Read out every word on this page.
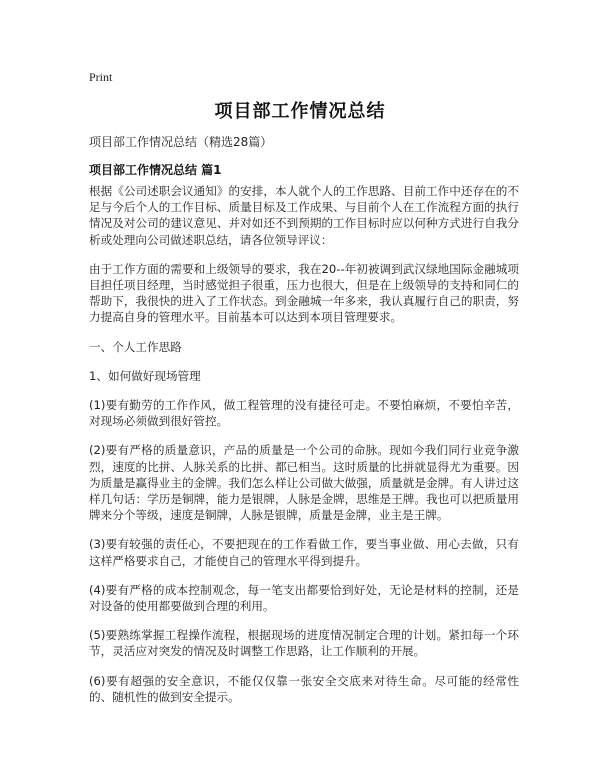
Print
项目部工作情况总结
项目部工作情况总结（精选28篇）
项目部工作情况总结 篇1

根据《公司述职会议通知》的安排，本人就个人的工作思路、目前工作中还存在的不足与今后个人的工作目标、质量目标及工作成果、与目前个人在工作流程方面的执行情况及对公司的建议意见、并对如还不到预期的工作目标时应以何种方式进行自我分析或处理向公司做述职总结，请各位领导评议：

由于工作方面的需要和上级领导的要求，我在20--年初被调到武汉绿地国际金融城项目担任项目经理，当时感觉担子很重，压力也很大，但是在上级领导的支持和同仁的帮助下，我很快的进入了工作状态。到金融城一年多来，我认真履行自己的职责，努力提高自身的管理水平。目前基本可以达到本项目管理要求。

一、个人工作思路

1、如何做好现场管理

(1)要有勤劳的工作作风，做工程管理的没有捷径可走。不要怕麻烦，不要怕辛苦，对现场必须做到很好管控。

(2)要有严格的质量意识，产品的质量是一个公司的命脉。现如今我们同行业竞争激烈，速度的比拼、人脉关系的比拼、都已相当。这时质量的比拼就显得尤为重要。因为质量是赢得业主的金牌。我们怎么样让公司做大做强，质量就是金牌。有人讲过这样几句话：学历是铜牌，能力是银牌，人脉是金牌，思维是王牌。我也可以把质量用牌来分个等级，速度是铜牌，人脉是银牌，质量是金牌，业主是王牌。

(3)要有较强的责任心，不要把现在的工作看做工作，要当事业做、用心去做，只有这样严格要求自己，才能使自己的管理水平得到提升。

(4)要有严格的成本控制观念，每一笔支出都要恰到好处，无论是材料的控制，还是对设备的使用都要做到合理的利用。

(5)要熟练掌握工程操作流程，根据现场的进度情况制定合理的计划。紧扣每一个环节，灵活应对突发的情况及时调整工作思路，让工作顺利的开展。

(6)要有超强的安全意识，不能仅仅靠一张安全交底来对待生命。尽可能的经常性的、随机性的做到安全提示。
